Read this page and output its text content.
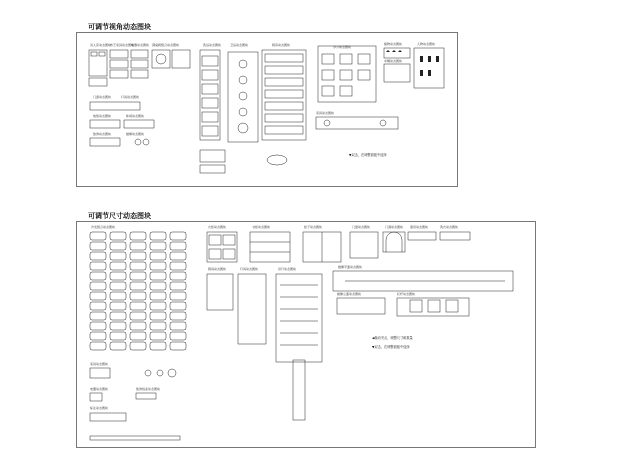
可调节视角动态图块
双人床动态图块
布艺家具动态图块
电器动态图块 餐桌椅组合动态图块	洗浴动态图块	卫浴动态图块	厨房动态图块	办公动态图块
植物动态图块	人物动态图块
车辆动态图块
门窗动态图块	灯具动态图块
地毯动态图块	休闲动态图块
装饰动态图块	楼梯动态图块
家具动态图块
▼双击，在调整面板中选择
可调节尺寸动态图块
沙发组合动态图块	衣柜动态图块	书柜动态图块	柜子动态图块	门窗动态图块	门洞动态图块 窗帘动态图块	洗衣动态图块
厨具动态图块	灯具动态图块	吊灯动态图块	楼梯平面动态图块
楼梯立面动态图块	栏杆动态图块
家具动态图块
电器动态图块	装饰线条动态图块
标注动态图块
◀拖动夹点，调整尺寸和数量
▼双击，在调整面板中选择
